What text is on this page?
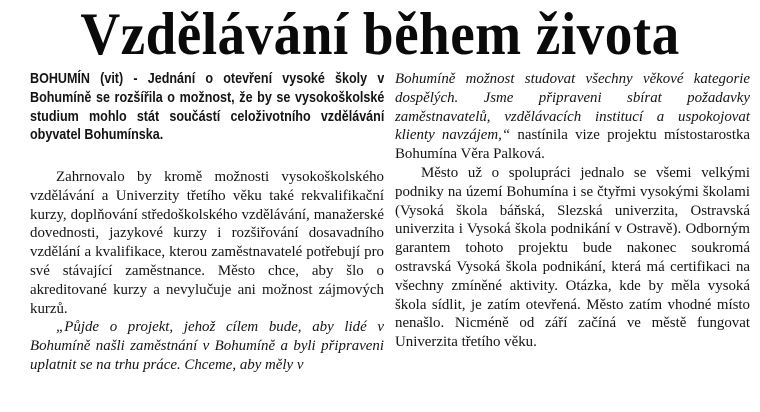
Vzdělávání během života

BOHUMÍN (vit) - Jednání o otevření vysoké školy v Bohumíně se rozšířila o možnost, že by se vysokoškolské studium mohlo stát součástí celoživotního vzdělávání obyvatel Bohumínska.

Zahrnovalo by kromě možnosti vysokoškolského vzdělávání a Univerzity třetího věku také rekvalifikační kurzy, doplňování středoškolského vzdělávání, manažerské dovednosti, jazykové kurzy i rozšiřování dosavadního vzdělání a kvalifikace, kterou zaměstnavatelé potřebují pro své stávající zaměstnance. Město chce, aby šlo o akreditované kurzy a nevylučuje ani možnost zájmových kurzů.

„Půjde o projekt, jehož cílem bude, aby lidé v Bohumíně našli zaměstnání v Bohumíně a byli připraveni uplatnit se na trhu práce. Chceme, aby měly v

Bohumíně možnost studovat všechny věkové kategorie dospělých. Jsme připraveni sbírat požadavky zaměstnavatelů, vzdělávacích institucí a uspokojovat klienty navzájem,“ nastínila vize projektu místostarostka Bohumína Věra Palková.

Město už o spolupráci jednalo se všemi velkými podniky na území Bohumína i se čtyřmi vysokými školami (Vysoká škola báňská, Slezská univerzita, Ostravská univerzita i Vysoká škola podnikání v Ostravě). Odborným garantem tohoto projektu bude nakonec soukromá ostravská Vysoká škola podnikání, která má certifikaci na všechny zmíněné aktivity. Otázka, kde by měla vysoká škola sídlit, je zatím otevřená. Město zatím vhodné místo nenašlo. Nicméně od září začíná ve městě fungovat Univerzita třetího věku.
